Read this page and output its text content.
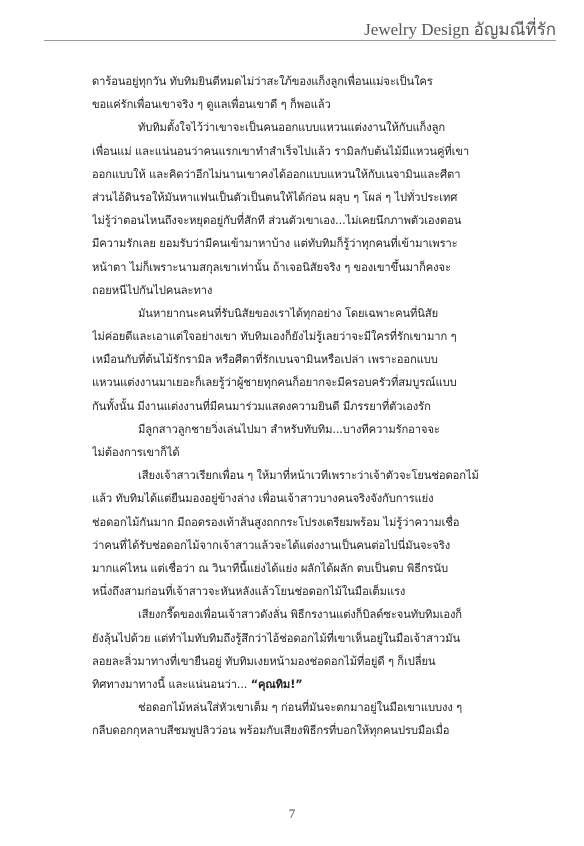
Jewelry Design อัญมณีที่รัก
ดาร้อนอยู่ทุกวัน ทับทิมยินดีหมดไม่ว่าสะใภ้ของแก็งลูกเพื่อนแม่จะเป็นใคร
ขอแค่รักเพื่อนเขาจริง ๆ ดูแลเพื่อนเขาดี ๆ ก็พอแล้ว
ทับทิมตั้งใจไว้ว่าเขาจะเป็นคนออกแบบแหวนแต่งงานให้กับแก็งลูก
เพื่อนแม่ และแน่นอนว่าคนแรกเขาทำสำเร็จไปแล้ว รามิลกับต้นไม้มีแหวนคู่ที่เขา
ออกแบบให้ และคิดว่าอีกไม่นานเขาคงได้ออกแบบแหวนให้กับเนจามินและศีตา
ส่วนไอ้ดินรอให้มันหาแฟนเป็นตัวเป็นตนให้ได้ก่อน ผลุบ ๆ โผล่ ๆ ไปทั่วประเทศ
ไม่รู้ว่าตอนไหนถึงจะหยุดอยู่กับที่สักที ส่วนตัวเขาเอง...ไม่เคยนึกภาพตัวเองตอน
มีความรักเลย ยอมรับว่ามีคนเข้ามาหาบ้าง แต่ทับทิมก็รู้ว่าทุกคนที่เข้ามาเพราะ
หน้าตา ไม่ก็เพราะนามสกุลเขาเท่านั้น ถ้าเจอนิสัยจริง ๆ ของเขาขึ้นมาก็คงจะ
ถอยหนีไปกันไปคนละทาง
มันหายากนะคนที่รับนิสัยของเราได้ทุกอย่าง โดยเฉพาะคนที่นิสัย
ไม่ค่อยดีและเอาแต่ใจอย่างเขา ทับทิมเองก็ยังไม่รู้เลยว่าจะมีใครที่รักเขามาก ๆ
เหมือนกับที่ต้นไม้รักรามิล หรือศีตาที่รักเบนจามินหรือเปล่า เพราะออกแบบ
แหวนแต่งงานมาเยอะก็เลยรู้ว่าผู้ชายทุกคนก็อยากจะมีครอบครัวที่สมบูรณ์แบบ
กันทั้งนั้น มีงานแต่งงานที่มีคนมาร่วมแสดงความยินดี มีภรรยาที่ตัวเองรัก
มีลูกสาวลูกชายวิ่งเล่นไปมา สำหรับทับทิม...บางทีความรักอาจจะ
ไม่ต้องการเขาก็ได้
เสียงเจ้าสาวเรียกเพื่อน ๆ ให้มาที่หน้าเวทีเพราะว่าเจ้าตัวจะโยนช่อดอกไม้
แล้ว ทับทิมได้แต่ยืนมองอยู่ข้างล่าง เพื่อนเจ้าสาวบางคนจริงจังกับการแย่ง
ช่อดอกไม้กันมาก มีถอดรองเท้าส้นสูงถกกระโปรงเตรียมพร้อม ไม่รู้ว่าความเชื่อ
ว่าคนที่ได้รับช่อดอกไม้จากเจ้าสาวแล้วจะได้แต่งงานเป็นคนต่อไปนี่มันจะจริง
มากแค่ไหน แต่เชื่อว่า ณ วินาทีนี้แย่งได้แย่ง ผลักได้ผลัก ตบเป็นตบ พิธีกรนับ
หนึ่งถึงสามก่อนที่เจ้าสาวจะหันหลังแล้วโยนช่อดอกไม้ในมือเต็มแรง
เสียงกรี๊ดของเพื่อนเจ้าสาวดังลั่น พิธีกรงานแต่งก็บิลด์ซะจนทับทิมเองก็
ยังลุ้นไปด้วย แต่ทำไมทับทิมถึงรู้สึกว่าไอ้ช่อดอกไม้ที่เขาเห็นอยู่ในมือเจ้าสาวมัน
ลอยละลิ่วมาทางที่เขายืนอยู่ ทับทิมเงยหน้ามองช่อดอกไม้ที่อยู่ดี ๆ ก็เปลี่ยน
ทิศทางมาทางนี้ และแน่นอนว่า... “คุณทิม!”
ช่อดอกไม้หล่นใส่หัวเขาเต็ม ๆ ก่อนที่มันจะตกมาอยู่ในมือเขาแบบงง ๆ
กลีบดอกกุหลาบสีชมพูปลิวว่อน พร้อมกับเสียงพิธีกรที่บอกให้ทุกคนปรบมือเมื่อ
7
